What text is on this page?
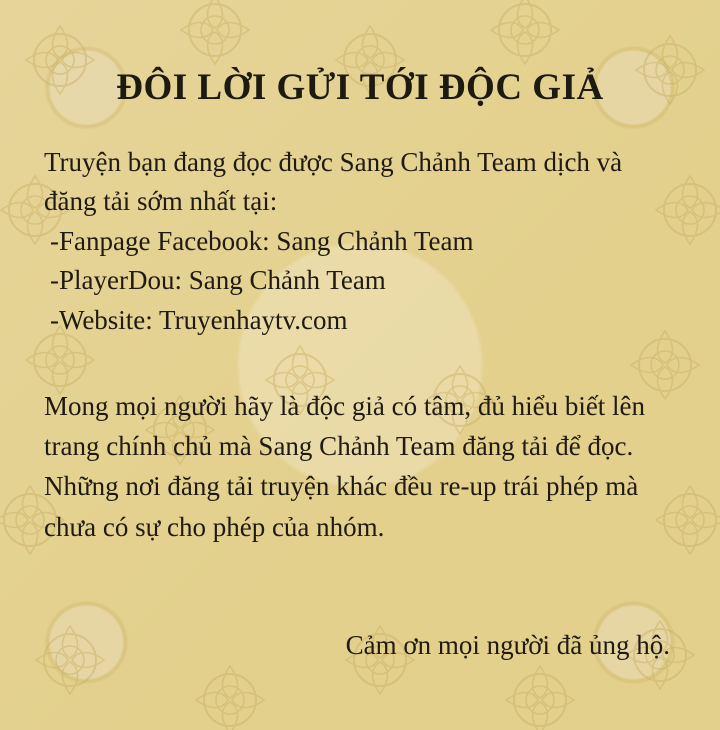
ĐÔI LỜI GỬI TỚI ĐỘC GIẢ

Truyện bạn đang đọc được Sang Chảnh Team dịch và đăng tải sớm nhất tại:

-Fanpage Facebook: Sang Chảnh Team
-PlayerDou: Sang Chảnh Team
-Website: Truyenhaytv.com

Mong mọi người hãy là độc giả có tâm, đủ hiểu biết lên trang chính chủ mà Sang Chảnh Team đăng tải để đọc. Những nơi đăng tải truyện khác đều re-up trái phép mà chưa có sự cho phép của nhóm.

Cảm ơn mọi người đã ủng hộ.
